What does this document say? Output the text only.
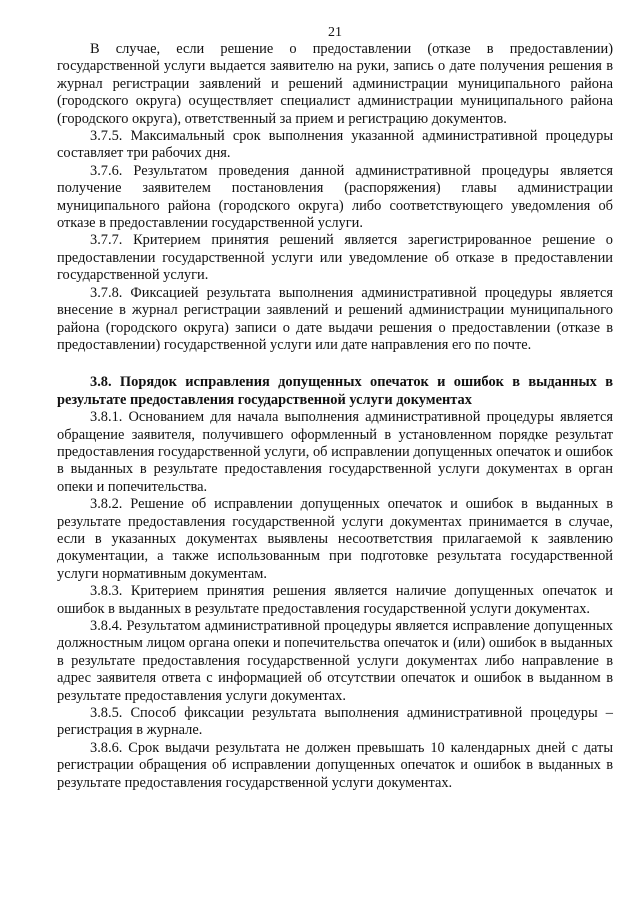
21

В случае, если решение о предоставлении (отказе в предоставлении) государственной услуги выдается заявителю на руки, запись о дате получения решения в журнал регистрации заявлений и решений администрации муниципального района (городского округа) осуществляет специалист администрации муниципального района (городского округа), ответственный за прием и регистрацию документов.

3.7.5. Максимальный срок выполнения указанной административной процедуры составляет три рабочих дня.

3.7.6. Результатом проведения данной административной процедуры является получение заявителем постановления (распоряжения) главы администрации муниципального района (городского округа) либо соответствующего уведомления об отказе в предоставлении государственной услуги.

3.7.7. Критерием принятия решений является зарегистрированное решение о предоставлении государственной услуги или уведомление об отказе в предоставлении государственной услуги.

3.7.8. Фиксацией результата выполнения административной процедуры является внесение в журнал регистрации заявлений и решений администрации муниципального района (городского округа) записи о дате выдачи решения о предоставлении (отказе в предоставлении) государственной услуги или дате направления его по почте.

3.8. Порядок исправления допущенных опечаток и ошибок в выданных в результате предоставления государственной услуги документах

3.8.1. Основанием для начала выполнения административной процедуры является обращение заявителя, получившего оформленный в установленном порядке результат предоставления государственной услуги, об исправлении допущенных опечаток и ошибок в выданных в результате предоставления государственной услуги документах в орган опеки и попечительства.

3.8.2. Решение об исправлении допущенных опечаток и ошибок в выданных в результате предоставления государственной услуги документах принимается в случае, если в указанных документах выявлены несоответствия прилагаемой к заявлению документации, а также использованным при подготовке результата государственной услуги нормативным документам.

3.8.3. Критерием принятия решения является наличие допущенных опечаток и ошибок в выданных в результате предоставления государственной услуги документах.

3.8.4. Результатом административной процедуры является исправление допущенных должностным лицом органа опеки и попечительства опечаток и (или) ошибок в выданных в результате предоставления государственной услуги документах либо направление в адрес заявителя ответа с информацией об отсутствии опечаток и ошибок в выданном в результате предоставления услуги документах.

3.8.5. Способ фиксации результата выполнения административной процедуры – регистрация в журнале.

3.8.6. Срок выдачи результата не должен превышать 10 календарных дней с даты регистрации обращения об исправлении допущенных опечаток и ошибок в выданных в результате предоставления государственной услуги документах.
